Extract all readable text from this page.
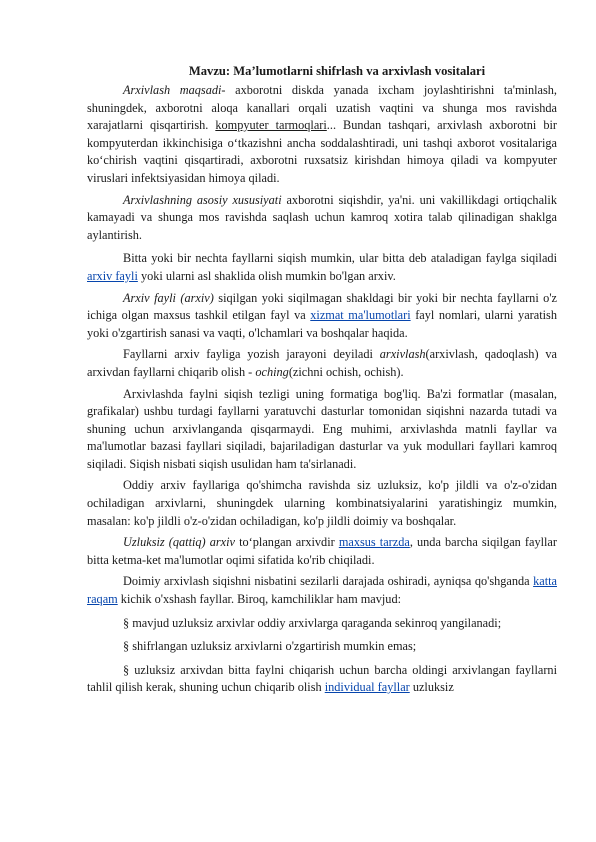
Mavzu: Ma’lumotlarni shifrlash va arxivlash vositalari

Arxivlash maqsadi- axborotni diskda yanada ixcham joylashtirishni ta'minlash, shuningdek, axborotni aloqa kanallari orqali uzatish vaqtini va shunga mos ravishda xarajatlarni qisqartirish. kompyuter tarmoqlari... Bundan tashqari, arxivlash axborotni bir kompyuterdan ikkinchisiga o‘tkazishni ancha soddalashtiradi, uni tashqi axborot vositalariga ko‘chirish vaqtini qisqartiradi, axborotni ruxsatsiz kirishdan himoya qiladi va kompyuter viruslari infektsiyasidan himoya qiladi.

Arxivlashning asosiy xususiyati axborotni siqishdir, ya'ni. uni vakillikdagi ortiqchalik kamayadi va shunga mos ravishda saqlash uchun kamroq xotira talab qilinadigan shaklga aylantirish.

Bitta yoki bir nechta fayllarni siqish mumkin, ular bitta deb ataladigan faylga siqiladi arxiv fayli yoki ularni asl shaklida olish mumkin bo'lgan arxiv.

Arxiv fayli (arxiv) siqilgan yoki siqilmagan shakldagi bir yoki bir nechta fayllarni o'z ichiga olgan maxsus tashkil etilgan fayl va xizmat ma'lumotlari fayl nomlari, ularni yaratish yoki o'zgartirish sanasi va vaqti, o'lchamlari va boshqalar haqida.

Fayllarni arxiv fayliga yozish jarayoni deyiladi arxivlash(arxivlash, qadoqlash) va arxivdan fayllarni chiqarib olish - oching(zichni ochish, ochish).

Arxivlashda faylni siqish tezligi uning formatiga bog'liq. Ba'zi formatlar (masalan, grafikalar) ushbu turdagi fayllarni yaratuvchi dasturlar tomonidan siqishni nazarda tutadi va shuning uchun arxivlanganda qisqarmaydi. Eng muhimi, arxivlashda matnli fayllar va ma'lumotlar bazasi fayllari siqiladi, bajariladigan dasturlar va yuk modullari fayllari kamroq siqiladi. Siqish nisbati siqish usulidan ham ta'sirlanadi.

Oddiy arxiv fayllariga qo'shimcha ravishda siz uzluksiz, ko'p jildli va o'z-o'zidan ochiladigan arxivlarni, shuningdek ularning kombinatsiyalarini yaratishingiz mumkin, masalan: ko'p jildli o'z-o'zidan ochiladigan, ko'p jildli doimiy va boshqalar.

Uzluksiz (qattiq) arxiv to‘plangan arxivdir maxsus tarzda, unda barcha siqilgan fayllar bitta ketma-ket ma'lumotlar oqimi sifatida ko'rib chiqiladi.

Doimiy arxivlash siqishni nisbatini sezilarli darajada oshiradi, ayniqsa qo'shganda katta raqam kichik o'xshash fayllar. Biroq, kamchiliklar ham mavjud:

§ mavjud uzluksiz arxivlar oddiy arxivlarga qaraganda sekinroq yangilanadi;

§ shifrlangan uzluksiz arxivlarni o'zgartirish mumkin emas;

§ uzluksiz arxivdan bitta faylni chiqarish uchun barcha oldingi arxivlangan fayllarni tahlil qilish kerak, shuning uchun chiqarib olish individual fayllar uzluksiz
